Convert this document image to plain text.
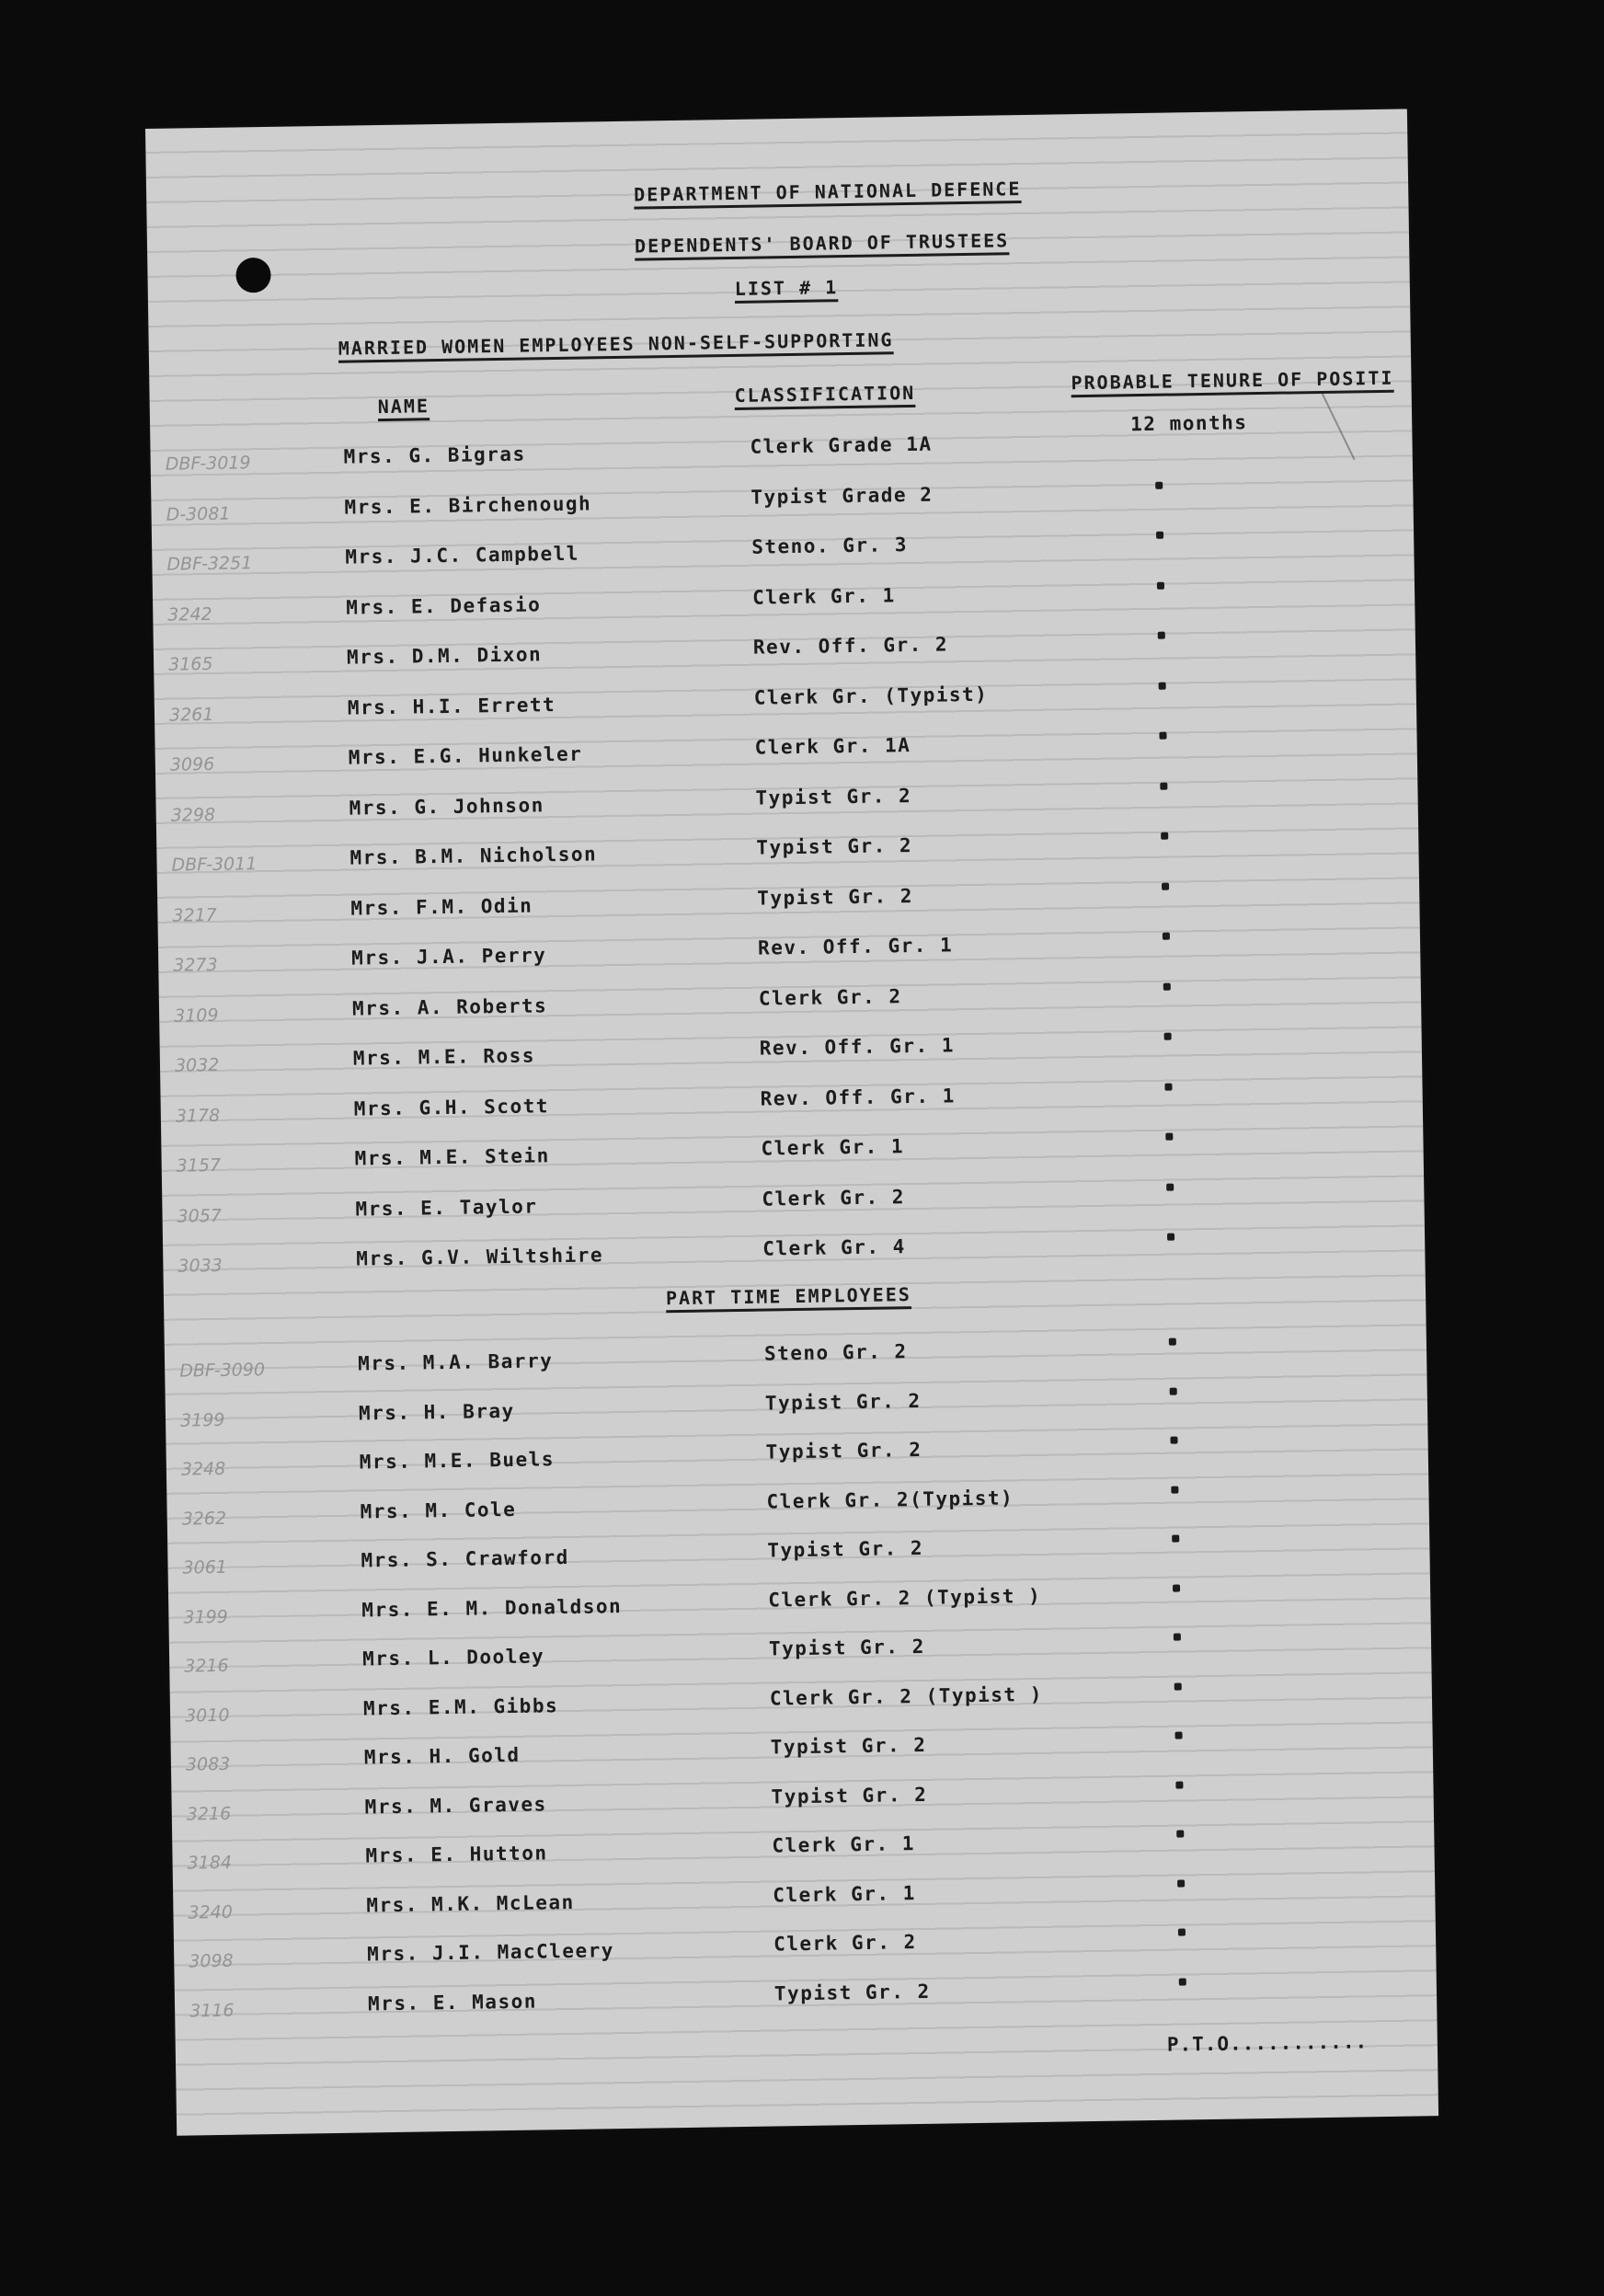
DEPARTMENT OF NATIONAL DEFENCE
DEPENDENTS' BOARD OF TRUSTEES
LIST # 1
MARRIED WOMEN EMPLOYEES NON-SELF-SUPPORTING
NAME	CLASSIFICATION
PROBABLE TENURE OF POSITI
12 months
DBF-3019	Mrs. G. Bigras	Clerk Grade 1A
D-3081	Mrs. E. Birchenough	Typist Grade 2
DBF-3251	Mrs. J.C. Campbell	Steno. Gr. 3
3242	Mrs. E. Defasio	Clerk Gr. 1
3165	Mrs. D.M. Dixon	Rev. Off. Gr. 2
3261	Mrs. H.I. Errett	Clerk Gr. (Typist)
3096	Mrs. E.G. Hunkeler	Clerk Gr. 1A
3298	Mrs. G. Johnson	Typist Gr. 2
DBF-3011	Mrs. B.M. Nicholson	Typist Gr. 2
3217	Mrs. F.M. Odin	Typist Gr. 2
3273	Mrs. J.A. Perry	Rev. Off. Gr. 1
3109	Mrs. A. Roberts	Clerk Gr. 2
3032	Mrs. M.E. Ross	Rev. Off. Gr. 1
3178	Mrs. G.H. Scott	Rev. Off. Gr. 1
3157	Mrs. M.E. Stein	Clerk Gr. 1
3057	Mrs. E. Taylor	Clerk Gr. 2
3033	Mrs. G.V. Wiltshire	Clerk Gr. 4
PART TIME EMPLOYEES
DBF-3090	Mrs. M.A. Barry	Steno Gr. 2
3199	Mrs. H. Bray	Typist Gr. 2
3248	Mrs. M.E. Buels	Typist Gr. 2
3262	Mrs. M. Cole	Clerk Gr. 2(Typist)
3061	Mrs. S. Crawford	Typist Gr. 2
3199	Mrs. E. M. Donaldson	Clerk Gr. 2 (Typist )
3216	Mrs. L. Dooley	Typist Gr. 2
3010	Mrs. E.M. Gibbs	Clerk Gr. 2 (Typist )
3083	Mrs. H. Gold	Typist Gr. 2
3216	Mrs. M. Graves	Typist Gr. 2
3184	Mrs. E. Hutton	Clerk Gr. 1
3240	Mrs. M.K. McLean	Clerk Gr. 1
3098	Mrs. J.I. MacCleery	Clerk Gr. 2
3116	Mrs. E. Mason	Typist Gr. 2
P.T.O...........
